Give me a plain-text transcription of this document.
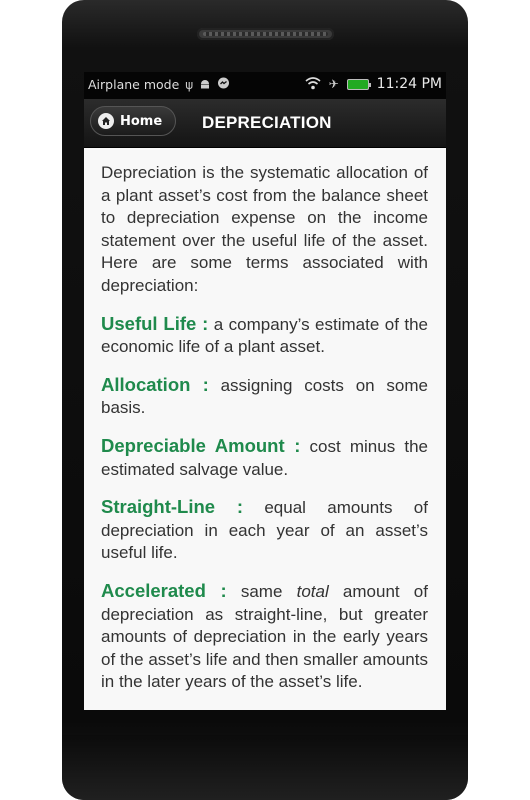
Airplane mode ψ	✈	11:24 PM
Home DEPRECIATION

Depreciation is the systematic allocation of a plant asset’s cost from the balance sheet to depreciation expense on the income statement over the useful life of the asset. Here are some terms associated with depreciation:

Useful Life : a company’s estimate of the economic life of a plant asset.

Allocation : assigning costs on some basis.

Depreciable Amount : cost minus the estimated salvage value.

Straight-Line : equal amounts of depreciation in each year of an asset’s useful life.

Accelerated : same total amount of depreciation as straight-line, but greater amounts of depreciation in the early years of the asset’s life and then smaller amounts in the later years of the asset’s life.
